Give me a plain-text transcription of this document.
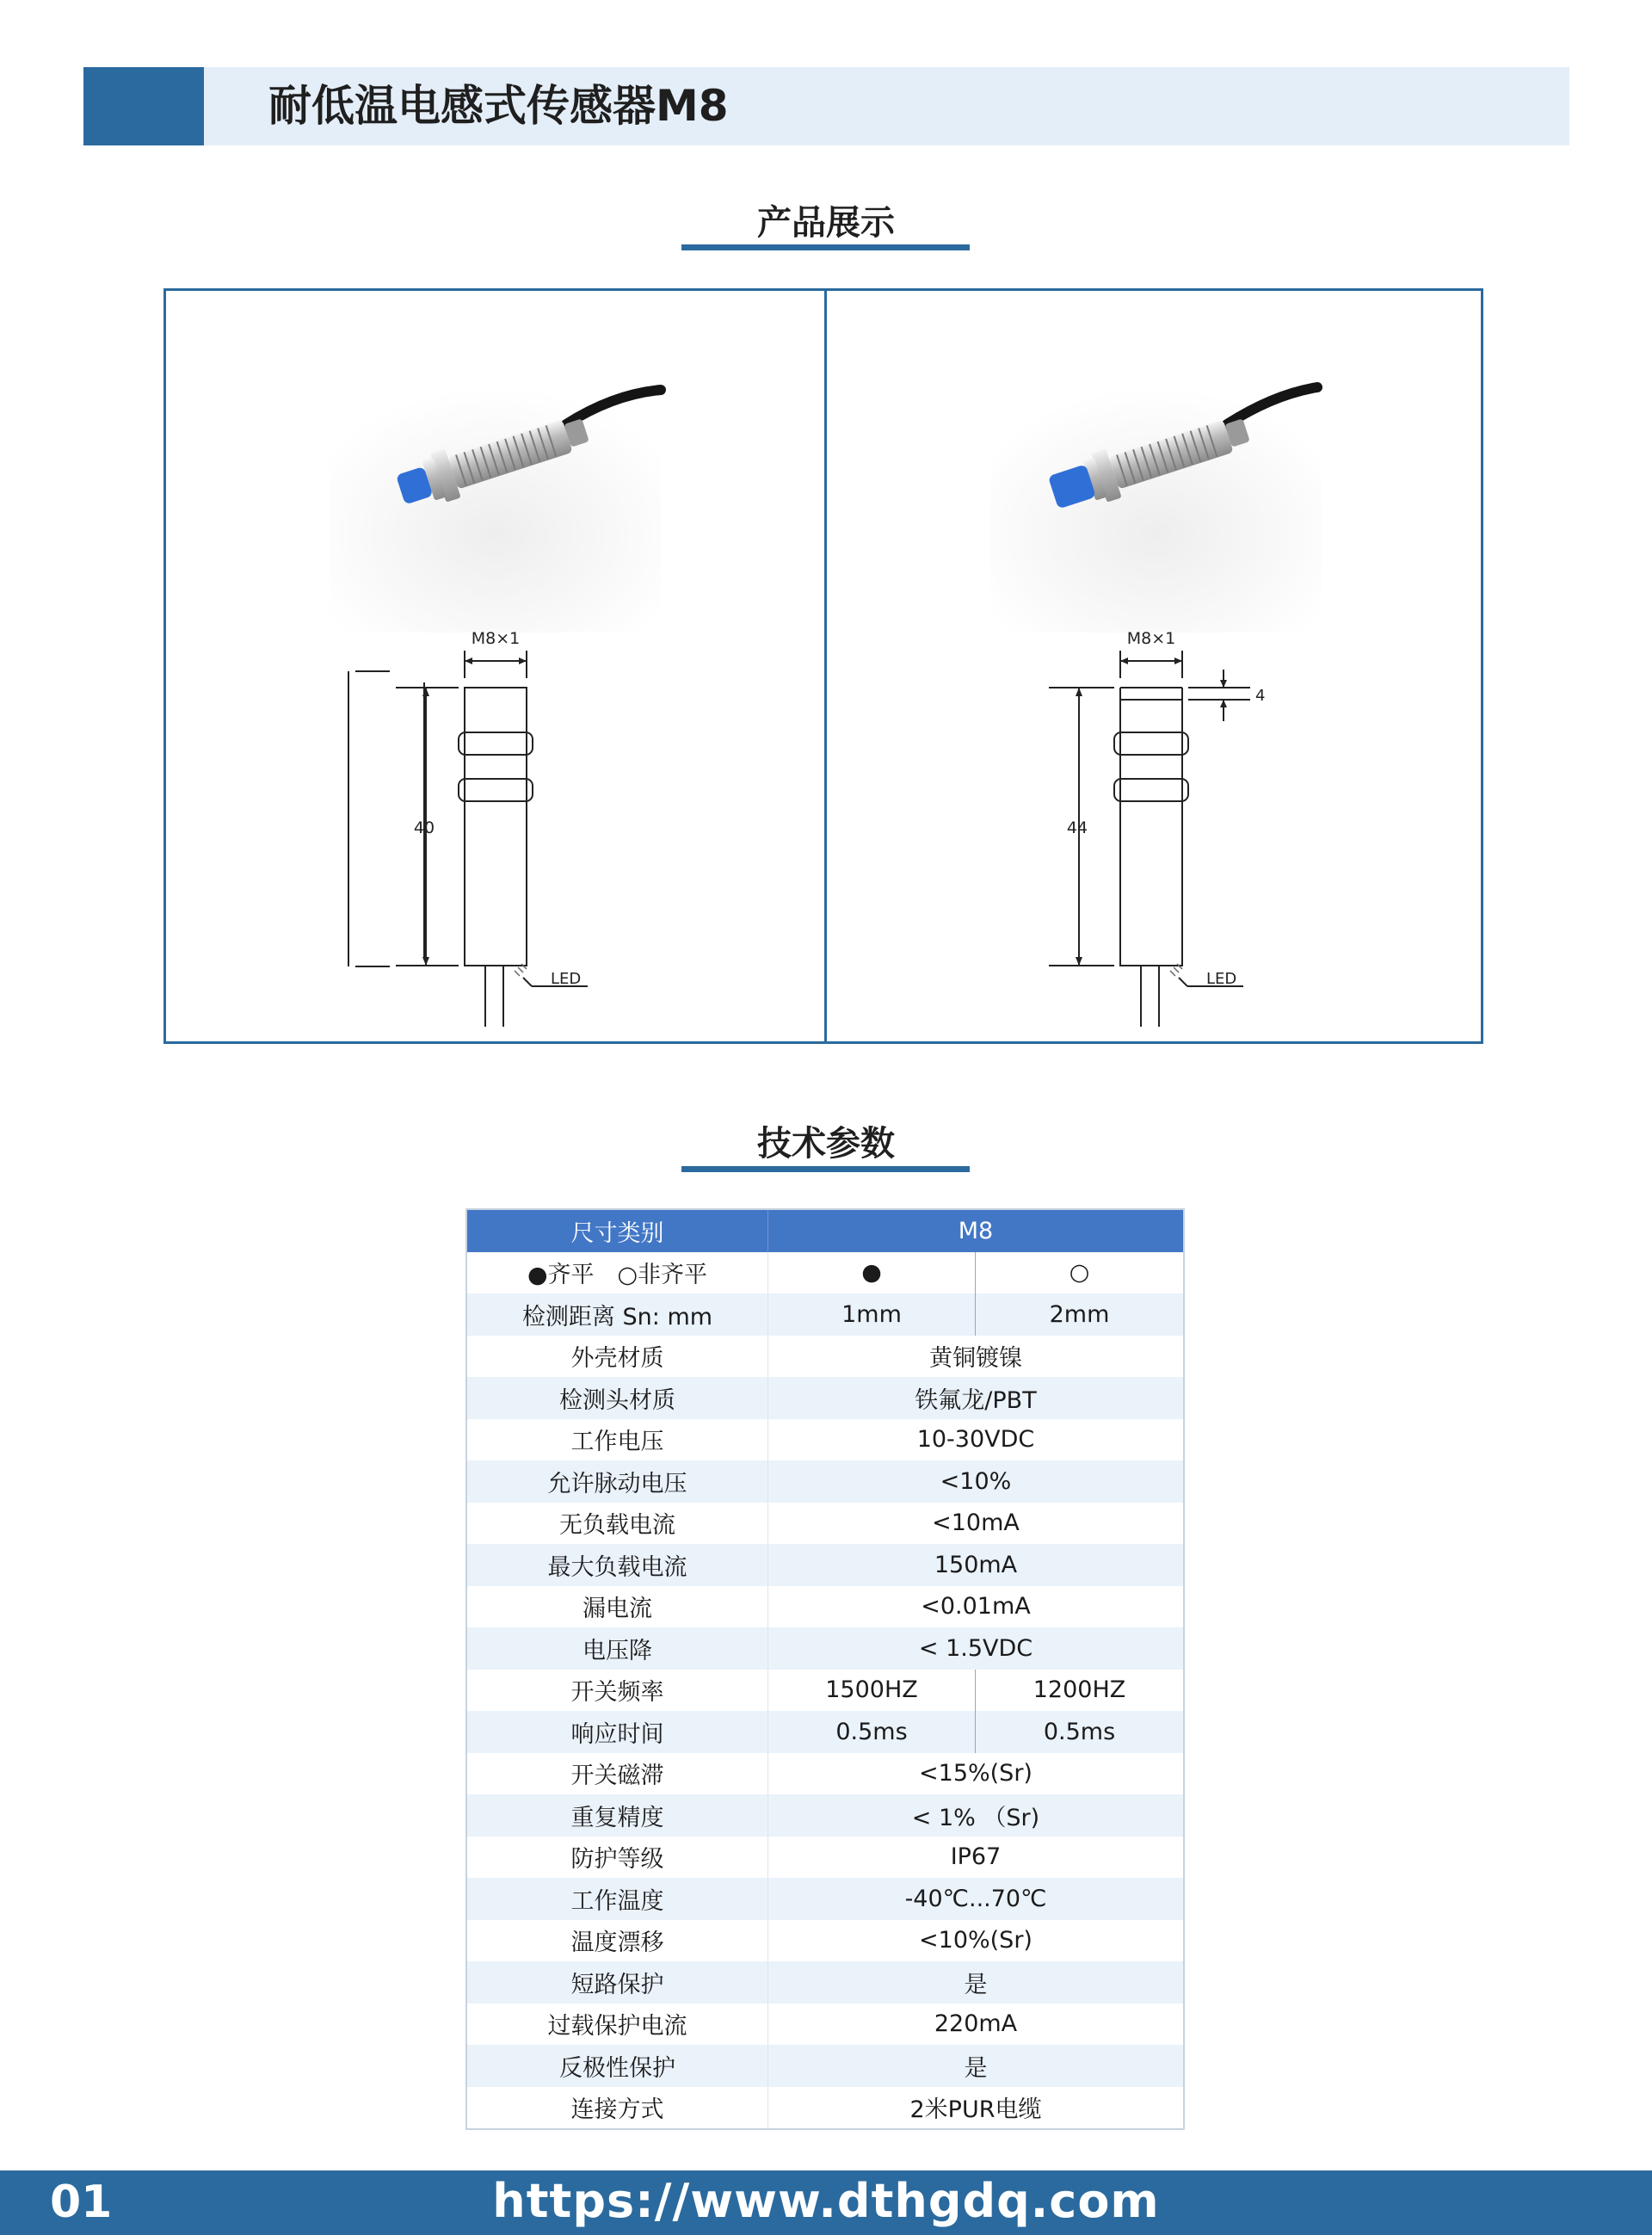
耐低温电感式传感器M8
产品展示
M8×1
40
LED
M8×1
44
4
LED
技术参数
尺寸类别	M8
●齐平　○非齐平	●	○
检测距离 Sn: mm	1mm	2mm
外壳材质	黄铜镀镍
检测头材质	铁氟龙/PBT
工作电压	10-30VDC
允许脉动电压	<10%
无负载电流	<10mA
最大负载电流	150mA
漏电流	<0.01mA
电压降	< 1.5VDC
开关频率	1500HZ	1200HZ
响应时间	0.5ms	0.5ms
开关磁滞	<15%(Sr)
重复精度	< 1% （Sr)
防护等级	IP67
工作温度	-40℃...70℃
温度漂移	<10%(Sr)
短路保护	是
过载保护电流	220mA
反极性保护	是
连接方式	2米PUR电缆
01	https://www.dthgdq.com
